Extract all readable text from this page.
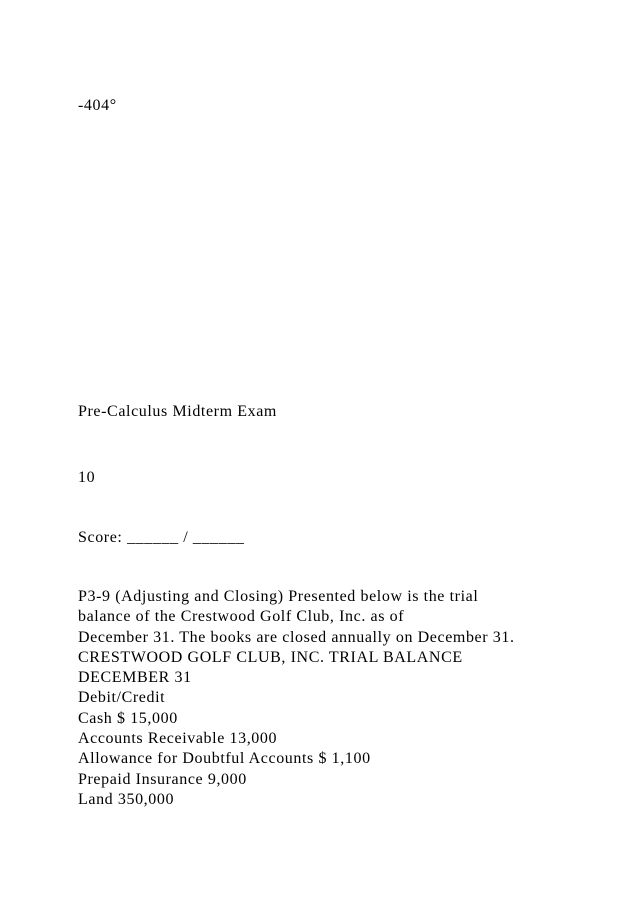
-404°
Pre-Calculus Midterm Exam
10
Score: ______ / ______
P3-9 (Adjusting and Closing) Presented below is the trial
balance of the Crestwood Golf Club, Inc. as of
December 31. The books are closed annually on December 31.
CRESTWOOD GOLF CLUB, INC. TRIAL BALANCE
DECEMBER 31
Debit/Credit
Cash $ 15,000
Accounts Receivable 13,000
Allowance for Doubtful Accounts $ 1,100
Prepaid Insurance 9,000
Land 350,000
